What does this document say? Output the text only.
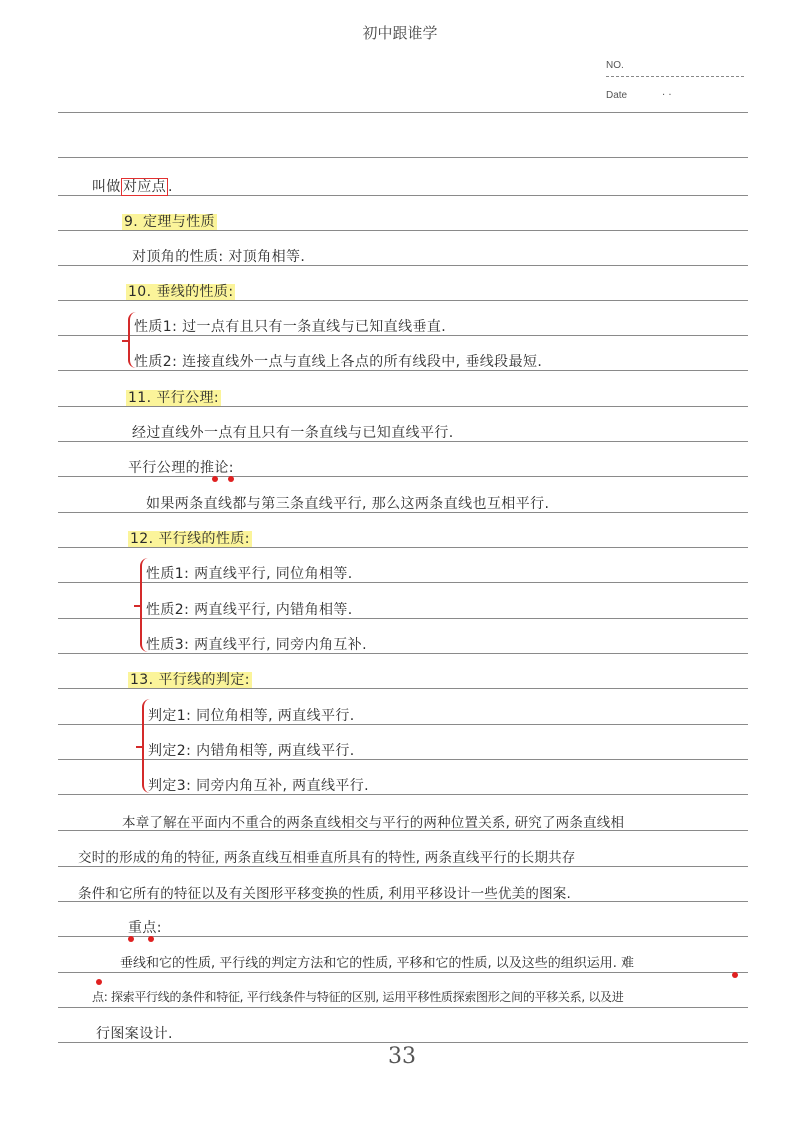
初中跟谁学
NO.
Date	· ·
叫做 对应点 .
9. 定理与性质
对顶角的性质: 对顶角相等.
10. 垂线的性质:
性质1: 过一点有且只有一条直线与已知直线垂直.
性质2: 连接直线外一点与直线上各点的所有线段中, 垂线段最短.
11. 平行公理:
经过直线外一点有且只有一条直线与已知直线平行.
平行公理的推论:
如果两条直线都与第三条直线平行, 那么这两条直线也互相平行.
12. 平行线的性质:
性质1: 两直线平行, 同位角相等.
性质2: 两直线平行, 内错角相等.
性质3: 两直线平行, 同旁内角互补.
13. 平行线的判定:
判定1: 同位角相等, 两直线平行.
判定2: 内错角相等, 两直线平行.
判定3: 同旁内角互补, 两直线平行.
本章了解在平面内不重合的两条直线相交与平行的两种位置关系, 研究了两条直线相
交时的形成的角的特征, 两条直线互相垂直所具有的特性, 两条直线平行的长期共存
条件和它所有的特征以及有关图形平移变换的性质, 利用平移设计一些优美的图案.
重点:
垂线和它的性质, 平行线的判定方法和它的性质, 平移和它的性质, 以及这些的组织运用. 难
点: 探索平行线的条件和特征, 平行线条件与特征的区别, 运用平移性质探索图形之间的平移关系, 以及进
行图案设计.
33
